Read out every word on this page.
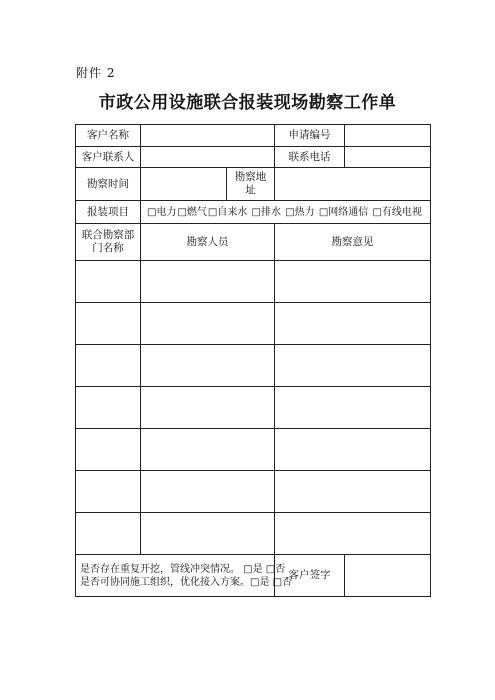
附件 2
市政公用设施联合报装现场勘察工作单
客户名称			申请编号	
客户联系人			联系电话	
勘察时间		勘察地址		
报装项目	□电力□燃气□自来水 □排水 □热力 □网络通信 □有线电视			
联合勘察部门名称	勘察人员		勘察意见	

是否存在重复开挖，管线冲突情况。 □是 □否
是否可协同施工组织，优化接入方案。□是 □否			客户签字	
